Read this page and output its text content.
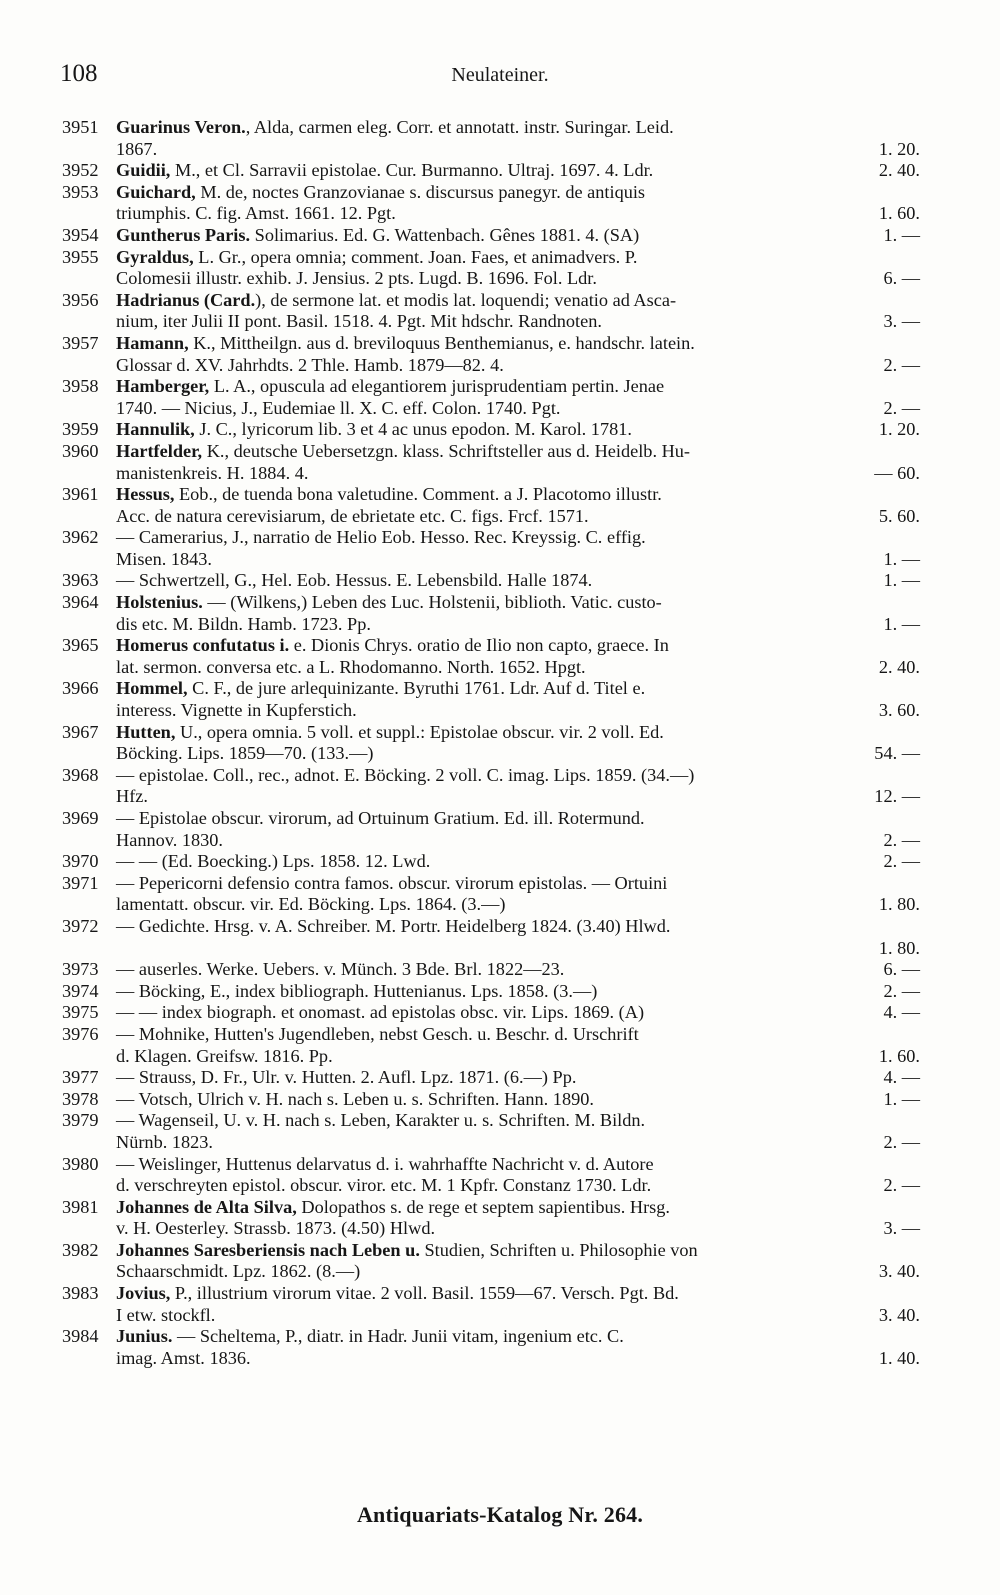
108	Neulateiner.
3951 Guarinus Veron., Alda, carmen eleg. Corr. et annotatt. instr. Suringar. Leid.
1867.	1. 20.
3952 Guidii, M., et Cl. Sarravii epistolae. Cur. Burmanno. Ultraj. 1697. 4. Ldr.	2. 40.
3953 Guichard, M. de, noctes Granzovianae s. discursus panegyr. de antiquis
triumphis. C. fig. Amst. 1661. 12. Pgt.	1. 60.
3954 Guntherus Paris. Solimarius. Ed. G. Wattenbach. Gênes 1881. 4. (SA)	1. —
3955 Gyraldus, L. Gr., opera omnia; comment. Joan. Faes, et animadvers. P.
Colomesii illustr. exhib. J. Jensius. 2 pts. Lugd. B. 1696. Fol. Ldr.	6. —
3956 Hadrianus (Card.), de sermone lat. et modis lat. loquendi; venatio ad Asca-
nium, iter Julii II pont. Basil. 1518. 4. Pgt. Mit hdschr. Randnoten.	3. —
3957 Hamann, K., Mittheilgn. aus d. breviloquus Benthemianus, e. handschr. latein.
Glossar d. XV. Jahrhdts. 2 Thle. Hamb. 1879—82. 4.	2. —
3958 Hamberger, L. A., opuscula ad elegantiorem jurisprudentiam pertin. Jenae
1740. — Nicius, J., Eudemiae ll. X. C. eff. Colon. 1740. Pgt.	2. —
3959 Hannulik, J. C., lyricorum lib. 3 et 4 ac unus epodon. M. Karol. 1781.	1. 20.
3960 Hartfelder, K., deutsche Uebersetzgn. klass. Schriftsteller aus d. Heidelb. Hu-
manistenkreis. H. 1884. 4.	— 60.
3961 Hessus, Eob., de tuenda bona valetudine. Comment. a J. Placotomo illustr.
Acc. de natura cerevisiarum, de ebrietate etc. C. figs. Frcf. 1571.	5. 60.
3962 — Camerarius, J., narratio de Helio Eob. Hesso. Rec. Kreyssig. C. effig.
Misen. 1843.	1. —
3963 — Schwertzell, G., Hel. Eob. Hessus. E. Lebensbild. Halle 1874.	1. —
3964 Holstenius. — (Wilkens,) Leben des Luc. Holstenii, biblioth. Vatic. custo-
dis etc. M. Bildn. Hamb. 1723. Pp.	1. —
3965 Homerus confutatus i. e. Dionis Chrys. oratio de Ilio non capto, graece. In
lat. sermon. conversa etc. a L. Rhodomanno. North. 1652. Hpgt.	2. 40.
3966 Hommel, C. F., de jure arlequinizante. Byruthi 1761. Ldr. Auf d. Titel e.
interess. Vignette in Kupferstich.	3. 60.
3967 Hutten, U., opera omnia. 5 voll. et suppl.: Epistolae obscur. vir. 2 voll. Ed.
Böcking. Lips. 1859—70. (133.—)	54. —
3968 — epistolae. Coll., rec., adnot. E. Böcking. 2 voll. C. imag. Lips. 1859. (34.—)
Hfz.	12. —
3969 — Epistolae obscur. virorum, ad Ortuinum Gratium. Ed. ill. Rotermund.
Hannov. 1830.	2. —
3970 — — (Ed. Boecking.) Lps. 1858. 12. Lwd.	2. —
3971 — Pepericorni defensio contra famos. obscur. virorum epistolas. — Ortuini
lamentatt. obscur. vir. Ed. Böcking. Lps. 1864. (3.—)	1. 80.
3972 — Gedichte. Hrsg. v. A. Schreiber. M. Portr. Heidelberg 1824. (3.40) Hlwd.
1. 80.
3973 — auserles. Werke. Uebers. v. Münch. 3 Bde. Brl. 1822—23.	6. —
3974 — Böcking, E., index bibliograph. Huttenianus. Lps. 1858. (3.—)	2. —
3975 — — index biograph. et onomast. ad epistolas obsc. vir. Lips. 1869. (A)	4. —
3976 — Mohnike, Hutten's Jugendleben, nebst Gesch. u. Beschr. d. Urschrift
d. Klagen. Greifsw. 1816. Pp.	1. 60.
3977 — Strauss, D. Fr., Ulr. v. Hutten. 2. Aufl. Lpz. 1871. (6.—) Pp.	4. —
3978 — Votsch, Ulrich v. H. nach s. Leben u. s. Schriften. Hann. 1890.	1. —
3979 — Wagenseil, U. v. H. nach s. Leben, Karakter u. s. Schriften. M. Bildn.
Nürnb. 1823.	2. —
3980 — Weislinger, Huttenus delarvatus d. i. wahrhaffte Nachricht v. d. Autore
d. verschreyten epistol. obscur. viror. etc. M. 1 Kpfr. Constanz 1730. Ldr.	2. —
3981 Johannes de Alta Silva, Dolopathos s. de rege et septem sapientibus. Hrsg.
v. H. Oesterley. Strassb. 1873. (4.50) Hlwd.	3. —
3982 Johannes Saresberiensis nach Leben u. Studien, Schriften u. Philosophie von
Schaarschmidt. Lpz. 1862. (8.—)	3. 40.
3983 Jovius, P., illustrium virorum vitae. 2 voll. Basil. 1559—67. Versch. Pgt. Bd.
I etw. stockfl.	3. 40.
3984 Junius. — Scheltema, P., diatr. in Hadr. Junii vitam, ingenium etc. C.
imag. Amst. 1836.	1. 40.
Antiquariats-Katalog Nr. 264.
